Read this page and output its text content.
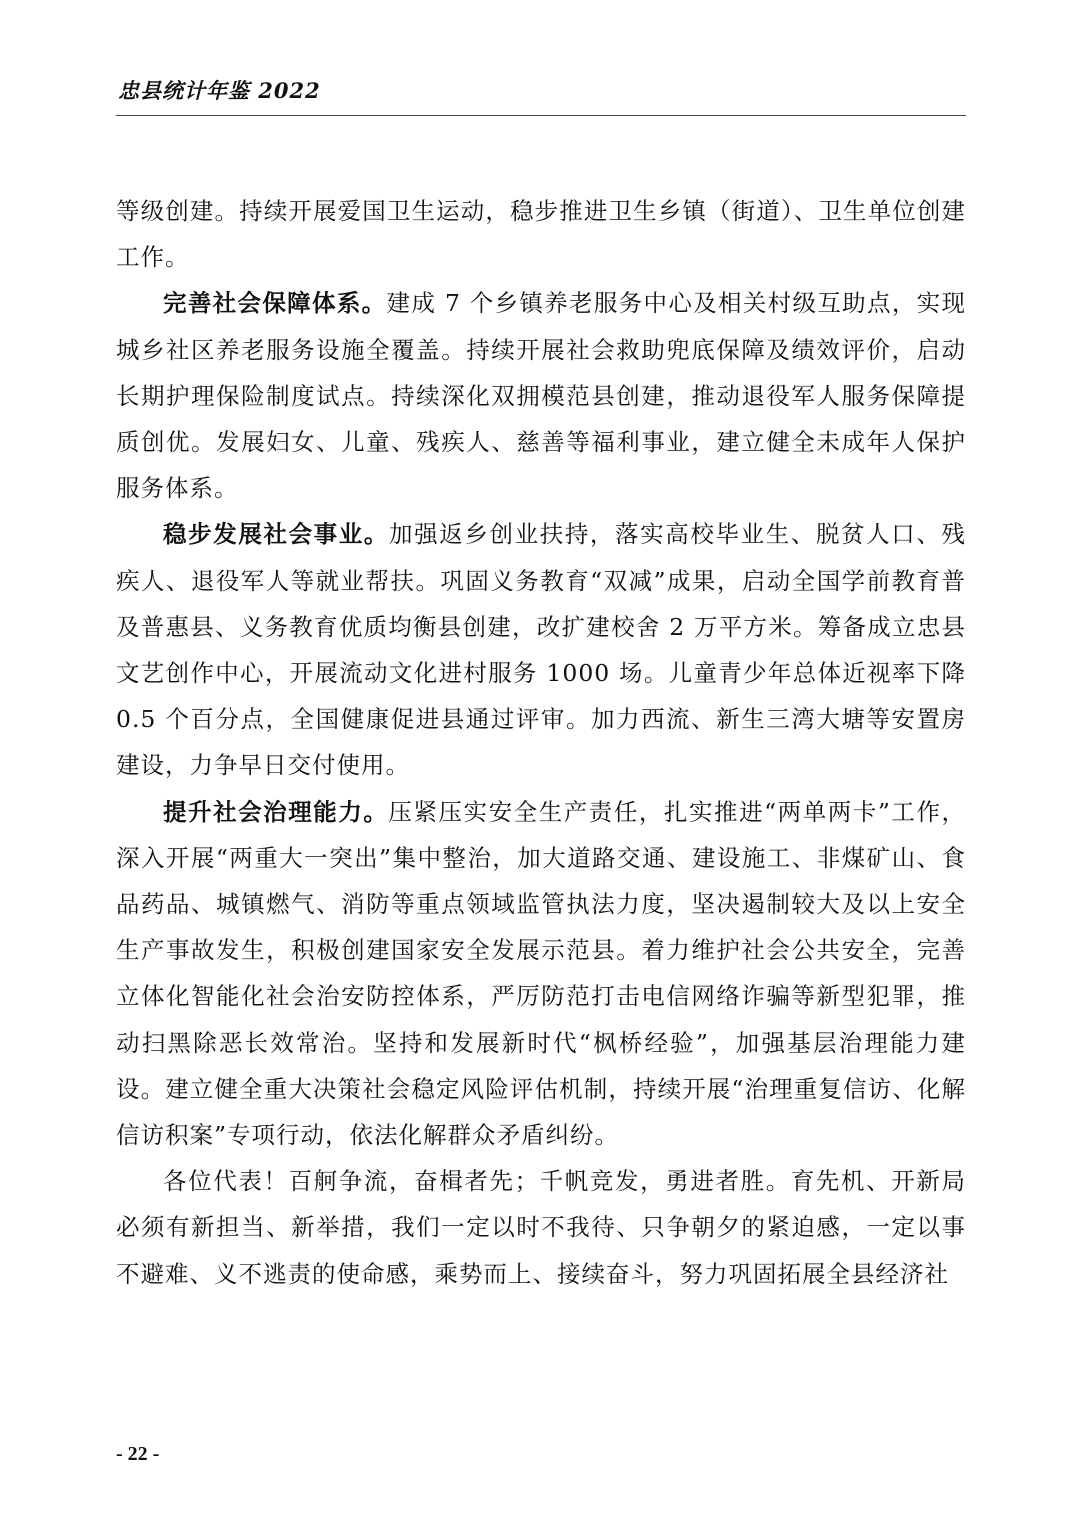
忠县统计年鉴 2022

等级创建。持续开展爱国卫生运动，稳步推进卫生乡镇（街道）、卫生单位创建工作。

完善社会保障体系。建成 7 个乡镇养老服务中心及相关村级互助点，实现城乡社区养老服务设施全覆盖。持续开展社会救助兜底保障及绩效评价，启动长期护理保险制度试点。持续深化双拥模范县创建，推动退役军人服务保障提质创优。发展妇女、儿童、残疾人、慈善等福利事业，建立健全未成年人保护服务体系。

稳步发展社会事业。加强返乡创业扶持，落实高校毕业生、脱贫人口、残疾人、退役军人等就业帮扶。巩固义务教育“双减”成果，启动全国学前教育普及普惠县、义务教育优质均衡县创建，改扩建校舍 2 万平方米。筹备成立忠县文艺创作中心，开展流动文化进村服务 1000 场。儿童青少年总体近视率下降 0.5 个百分点，全国健康促进县通过评审。加力西流、新生三湾大塘等安置房建设，力争早日交付使用。

提升社会治理能力。压紧压实安全生产责任，扎实推进“两单两卡”工作，深入开展“两重大一突出”集中整治，加大道路交通、建设施工、非煤矿山、食品药品、城镇燃气、消防等重点领域监管执法力度，坚决遏制较大及以上安全生产事故发生，积极创建国家安全发展示范县。着力维护社会公共安全，完善立体化智能化社会治安防控体系，严厉防范打击电信网络诈骗等新型犯罪，推动扫黑除恶长效常治。坚持和发展新时代“枫桥经验”，加强基层治理能力建设。建立健全重大决策社会稳定风险评估机制，持续开展“治理重复信访、化解信访积案”专项行动，依法化解群众矛盾纠纷。

各位代表！百舸争流，奋楫者先；千帆竞发，勇进者胜。育先机、开新局必须有新担当、新举措，我们一定以时不我待、只争朝夕的紧迫感，一定以事不避难、义不逃责的使命感，乘势而上、接续奋斗，努力巩固拓展全县经济社

- 22 -
